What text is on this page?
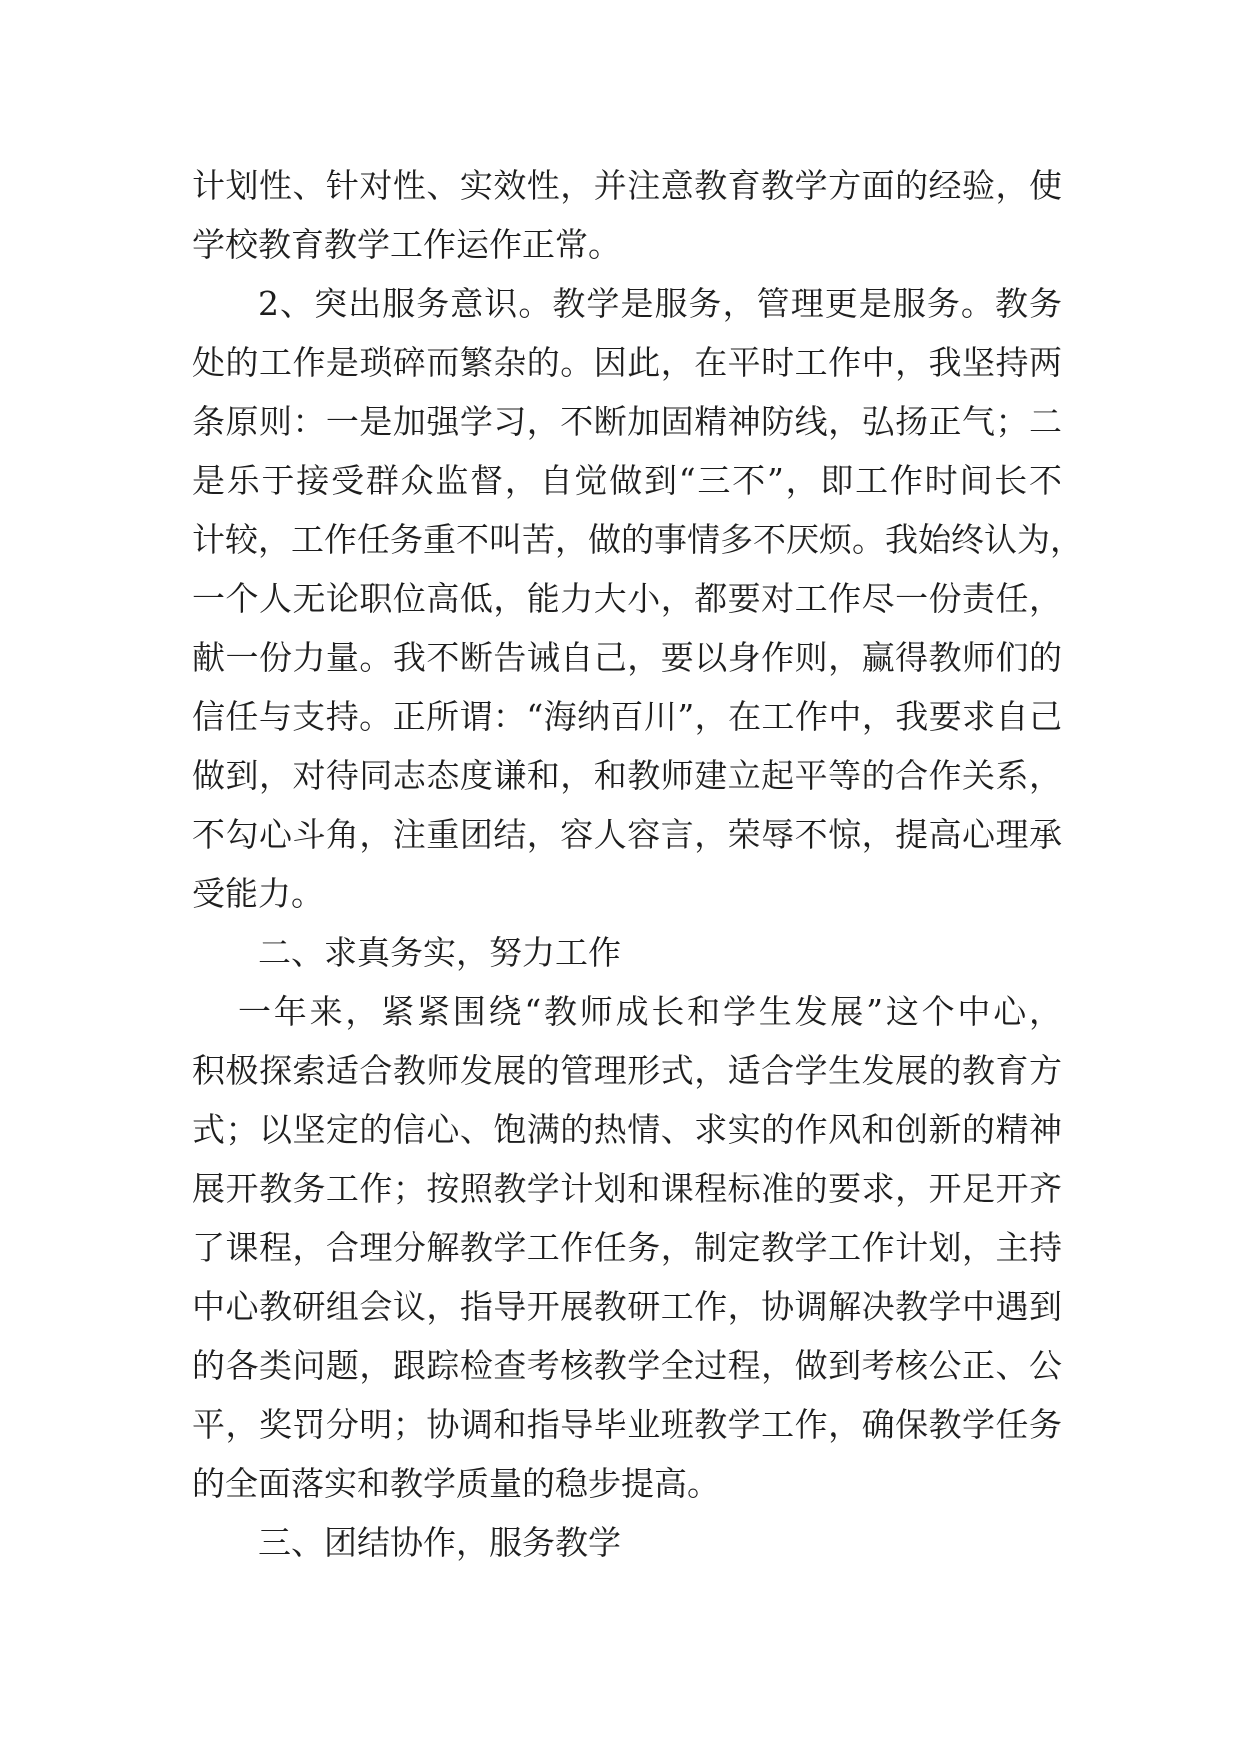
计划性、针对性、实效性，并注意教育教学方面的经验，使
学校教育教学工作运作正常。
2、突出服务意识。教学是服务，管理更是服务。教务
处的工作是琐碎而繁杂的。因此，在平时工作中，我坚持两
条原则：一是加强学习，不断加固精神防线，弘扬正气；二
是乐于接受群众监督，自觉做到“三不”，即工作时间长不
计较，工作任务重不叫苦，做的事情多不厌烦。我始终认为，
一个人无论职位高低，能力大小，都要对工作尽一份责任，
献一份力量。我不断告诫自己，要以身作则，赢得教师们的
信任与支持。正所谓：“海纳百川”，在工作中，我要求自己
做到，对待同志态度谦和，和教师建立起平等的合作关系，
不勾心斗角，注重团结，容人容言，荣辱不惊，提高心理承
受能力。
二、求真务实，努力工作
一年来，紧紧围绕“教师成长和学生发展”这个中心，
积极探索适合教师发展的管理形式，适合学生发展的教育方
式；以坚定的信心、饱满的热情、求实的作风和创新的精神
展开教务工作；按照教学计划和课程标准的要求，开足开齐
了课程，合理分解教学工作任务，制定教学工作计划，主持
中心教研组会议，指导开展教研工作，协调解决教学中遇到
的各类问题，跟踪检查考核教学全过程，做到考核公正、公
平，奖罚分明；协调和指导毕业班教学工作，确保教学任务
的全面落实和教学质量的稳步提高。
三、团结协作，服务教学
